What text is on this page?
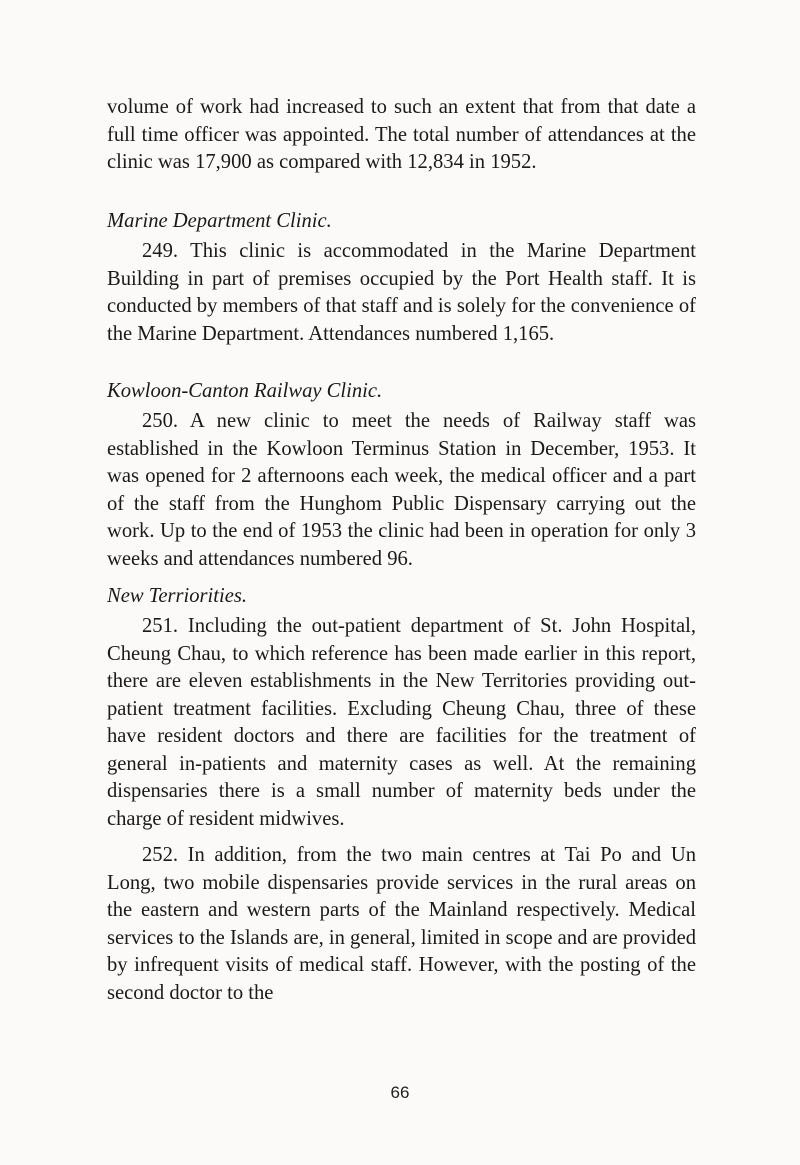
volume of work had increased to such an extent that from that date a full time officer was appointed. The total number of attendances at the clinic was 17,900 as compared with 12,834 in 1952.

Marine Department Clinic.

249. This clinic is accommodated in the Marine Department Building in part of premises occupied by the Port Health staff. It is conducted by members of that staff and is solely for the convenience of the Marine Department. Attendances numbered 1,165.

Kowloon-Canton Railway Clinic.

250. A new clinic to meet the needs of Railway staff was established in the Kowloon Terminus Station in December, 1953. It was opened for 2 afternoons each week, the medical officer and a part of the staff from the Hunghom Public Dispensary carrying out the work. Up to the end of 1953 the clinic had been in operation for only 3 weeks and attendances numbered 96.

New Terriorities.

251. Including the out-patient department of St. John Hospital, Cheung Chau, to which reference has been made earlier in this report, there are eleven establishments in the New Territories providing out-patient treatment facilities. Excluding Cheung Chau, three of these have resident doctors and there are facilities for the treatment of general in-patients and maternity cases as well. At the remaining dispensaries there is a small number of maternity beds under the charge of resident midwives.

252. In addition, from the two main centres at Tai Po and Un Long, two mobile dispensaries provide services in the rural areas on the eastern and western parts of the Mainland respectively. Medical services to the Islands are, in general, limited in scope and are provided by infrequent visits of medical staff. However, with the posting of the second doctor to the

66
